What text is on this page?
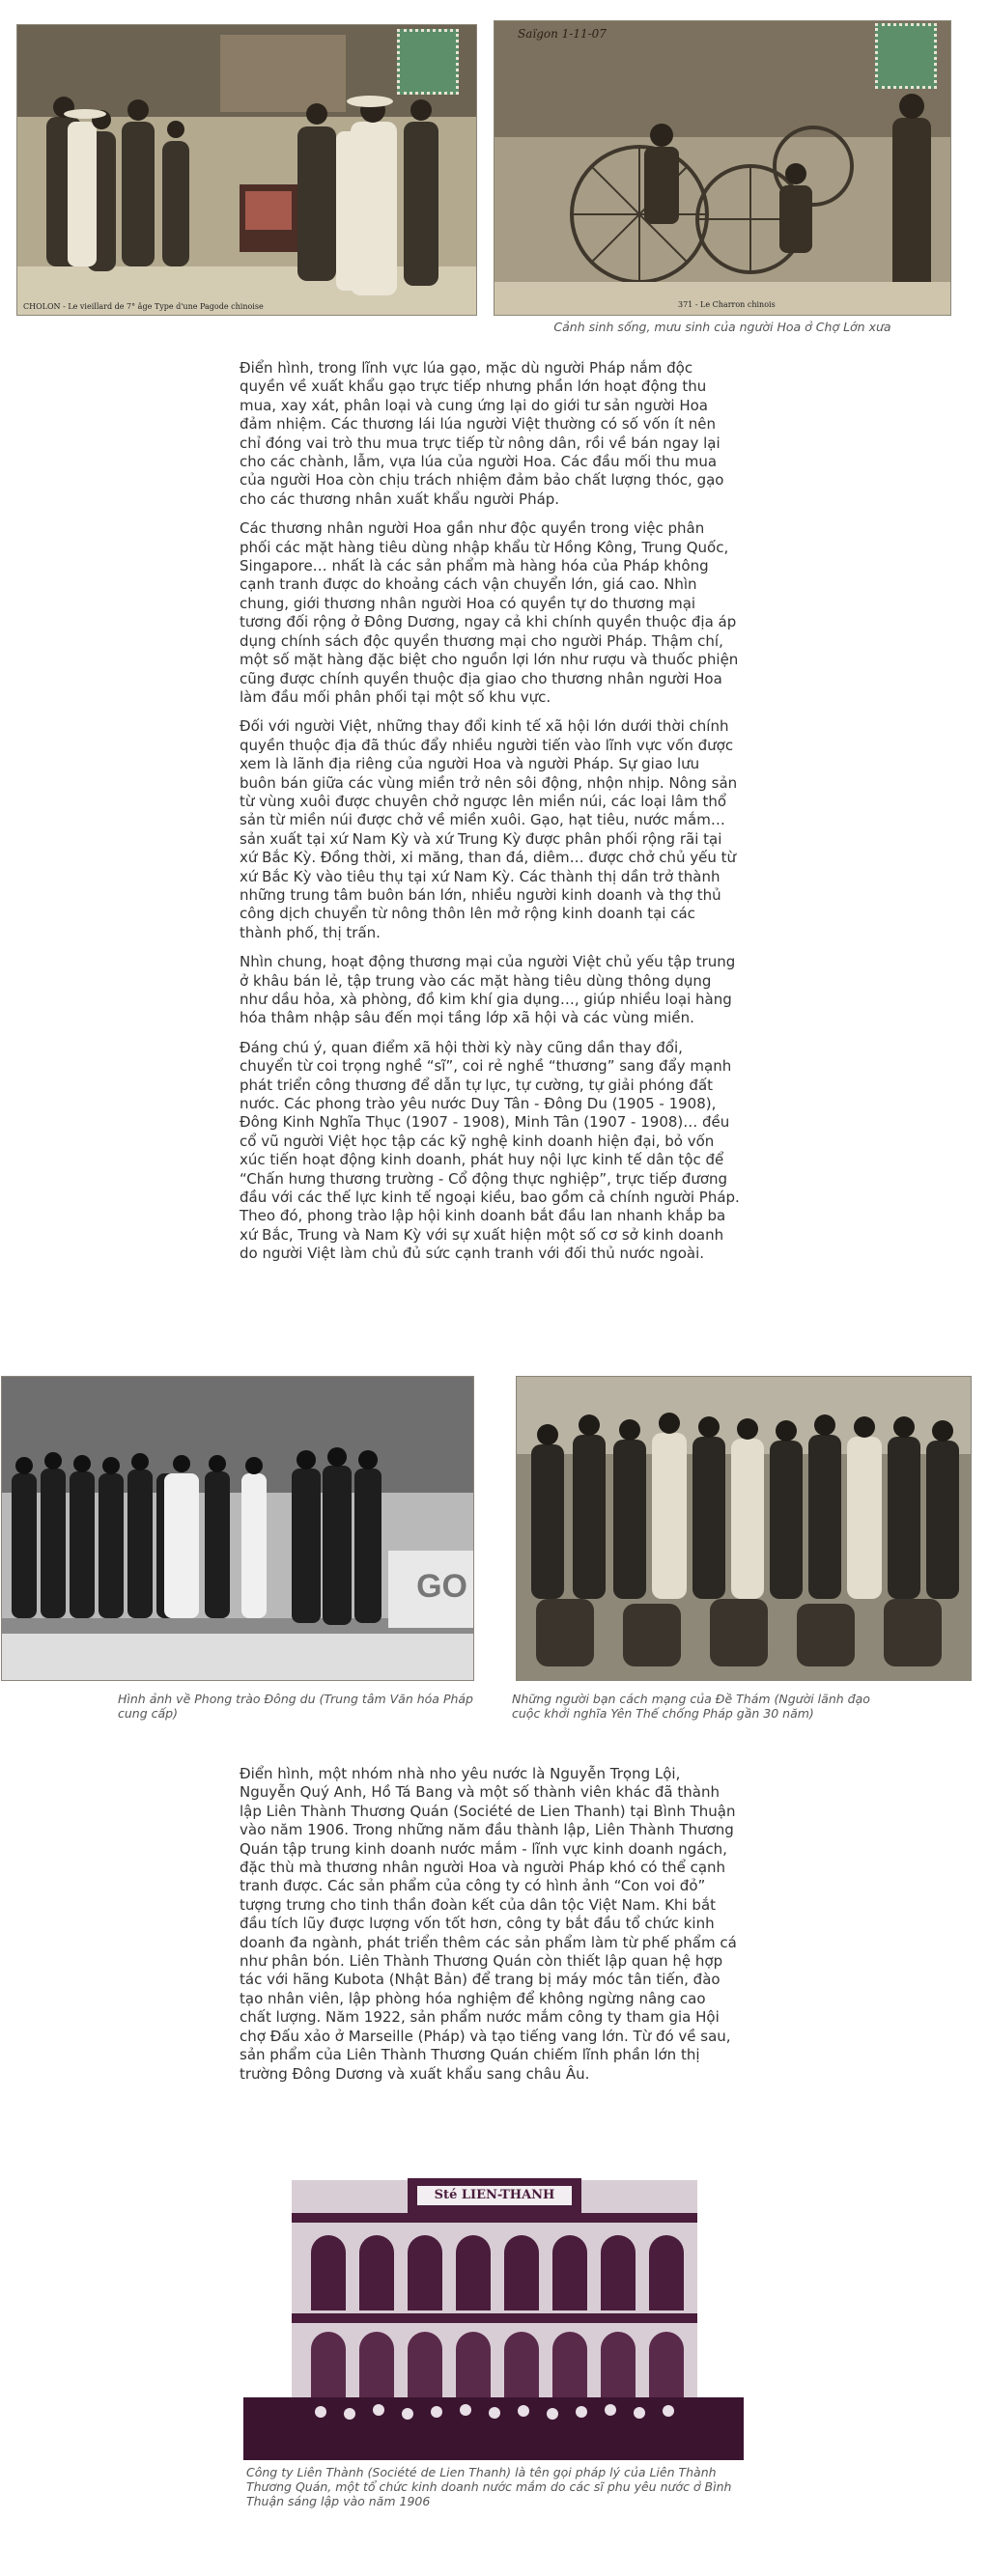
CHOLON - Le vieillard de 7° âge Type d'une Pagode chinoise
Saïgon 1-11-07
371 - Le Charron chinois
Cảnh sinh sống, mưu sinh của người Hoa ở Chợ Lớn xưa

Điển hình, trong lĩnh vực lúa gạo, mặc dù người Pháp nắm độc quyền về xuất khẩu gạo trực tiếp nhưng phần lớn hoạt động thu mua, xay xát, phân loại và cung ứng lại do giới tư sản người Hoa đảm nhiệm. Các thương lái lúa người Việt thường có số vốn ít nên chỉ đóng vai trò thu mua trực tiếp từ nông dân, rồi về bán ngay lại cho các chành, lẫm, vựa lúa của người Hoa. Các đầu mối thu mua của người Hoa còn chịu trách nhiệm đảm bảo chất lượng thóc, gạo cho các thương nhân xuất khẩu người Pháp.

Các thương nhân người Hoa gần như độc quyền trong việc phân phối các mặt hàng tiêu dùng nhập khẩu từ Hồng Kông, Trung Quốc, Singapore… nhất là các sản phẩm mà hàng hóa của Pháp không cạnh tranh được do khoảng cách vận chuyển lớn, giá cao. Nhìn chung, giới thương nhân người Hoa có quyền tự do thương mại tương đối rộng ở Đông Dương, ngay cả khi chính quyền thuộc địa áp dụng chính sách độc quyền thương mại cho người Pháp. Thậm chí, một số mặt hàng đặc biệt cho nguồn lợi lớn như rượu và thuốc phiện cũng được chính quyền thuộc địa giao cho thương nhân người Hoa làm đầu mối phân phối tại một số khu vực.

Đối với người Việt, những thay đổi kinh tế xã hội lớn dưới thời chính quyền thuộc địa đã thúc đẩy nhiều người tiến vào lĩnh vực vốn được xem là lãnh địa riêng của người Hoa và người Pháp. Sự giao lưu buôn bán giữa các vùng miền trở nên sôi động, nhộn nhịp. Nông sản từ vùng xuôi được chuyên chở ngược lên miền núi, các loại lâm thổ sản từ miền núi được chở về miền xuôi. Gạo, hạt tiêu, nước mắm… sản xuất tại xứ Nam Kỳ và xứ Trung Kỳ được phân phối rộng rãi tại xứ Bắc Kỳ. Đồng thời, xi măng, than đá, diêm… được chở chủ yếu từ xứ Bắc Kỳ vào tiêu thụ tại xứ Nam Kỳ. Các thành thị dần trở thành những trung tâm buôn bán lớn, nhiều người kinh doanh và thợ thủ công dịch chuyển từ nông thôn lên mở rộng kinh doanh tại các thành phố, thị trấn.

Nhìn chung, hoạt động thương mại của người Việt chủ yếu tập trung ở khâu bán lẻ, tập trung vào các mặt hàng tiêu dùng thông dụng như dầu hỏa, xà phòng, đồ kim khí gia dụng…, giúp nhiều loại hàng hóa thâm nhập sâu đến mọi tầng lớp xã hội và các vùng miền.

Đáng chú ý, quan điểm xã hội thời kỳ này cũng dần thay đổi, chuyển từ coi trọng nghề “sĩ”, coi rẻ nghề “thương” sang đẩy mạnh phát triển công thương để dẫn tự lực, tự cường, tự giải phóng đất nước. Các phong trào yêu nước Duy Tân - Đông Du (1905 - 1908), Đông Kinh Nghĩa Thục (1907 - 1908), Minh Tân (1907 - 1908)… đều cổ vũ người Việt học tập các kỹ nghệ kinh doanh hiện đại, bỏ vốn xúc tiến hoạt động kinh doanh, phát huy nội lực kinh tế dân tộc để “Chấn hưng thương trường - Cổ động thực nghiệp”, trực tiếp đương đầu với các thế lực kinh tế ngoại kiều, bao gồm cả chính người Pháp. Theo đó, phong trào lập hội kinh doanh bắt đầu lan nhanh khắp ba xứ Bắc, Trung và Nam Kỳ với sự xuất hiện một số cơ sở kinh doanh do người Việt làm chủ đủ sức cạnh tranh với đối thủ nước ngoài.

GO
Hình ảnh về Phong trào Đông du (Trung tâm Văn hóa Pháp cung cấp)
Những người bạn cách mạng của Đề Thám (Người lãnh đạo cuộc khởi nghĩa Yên Thế chống Pháp gần 30 năm)

Điển hình, một nhóm nhà nho yêu nước là Nguyễn Trọng Lội, Nguyễn Quý Anh, Hồ Tá Bang và một số thành viên khác đã thành lập Liên Thành Thương Quán (Société de Lien Thanh) tại Bình Thuận vào năm 1906. Trong những năm đầu thành lập, Liên Thành Thương Quán tập trung kinh doanh nước mắm - lĩnh vực kinh doanh ngách, đặc thù mà thương nhân người Hoa và người Pháp khó có thể cạnh tranh được. Các sản phẩm của công ty có hình ảnh “Con voi đỏ” tượng trưng cho tinh thần đoàn kết của dân tộc Việt Nam. Khi bắt đầu tích lũy được lượng vốn tốt hơn, công ty bắt đầu tổ chức kinh doanh đa ngành, phát triển thêm các sản phẩm làm từ phế phẩm cá như phân bón. Liên Thành Thương Quán còn thiết lập quan hệ hợp tác với hãng Kubota (Nhật Bản) để trang bị máy móc tân tiến, đào tạo nhân viên, lập phòng hóa nghiệm để không ngừng nâng cao chất lượng. Năm 1922, sản phẩm nước mắm công ty tham gia Hội chợ Đấu xảo ở Marseille (Pháp) và tạo tiếng vang lớn. Từ đó về sau, sản phẩm của Liên Thành Thương Quán chiếm lĩnh phần lớn thị trường Đông Dương và xuất khẩu sang châu Âu.

Sté LIEN-THANH
Công ty Liên Thành (Société de Lien Thanh) là tên gọi pháp lý của Liên Thành Thương Quán, một tổ chức kinh doanh nước mắm do các sĩ phu yêu nước ở Bình Thuận sáng lập vào năm 1906
